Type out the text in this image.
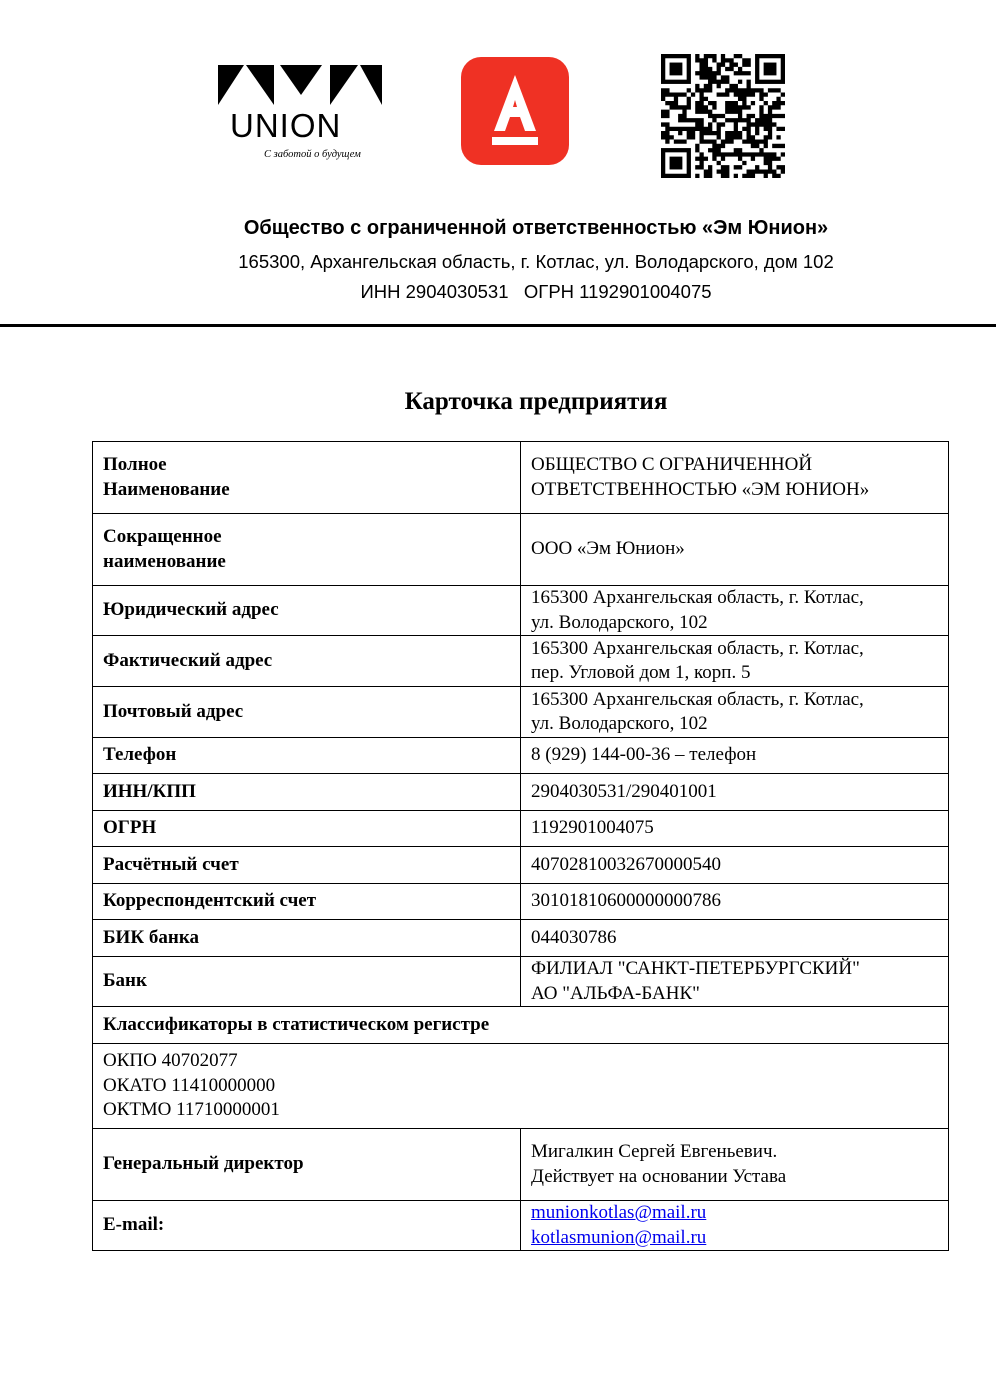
UNION
С заботой о будущем
Общество с ограниченной ответственностью «Эм Юнион»
165300, Архангельская область, г. Котлас, ул. Володарского, дом 102
ИНН 2904030531   ОГРН 1192901004075
Карточка предприятия
Полное
Наименование	ОБЩЕСТВО С ОГРАНИЧЕННОЙ
ОТВЕТСТВЕННОСТЬЮ «ЭМ ЮНИОН»

Сокращенное
наименование	ООО «Эм Юнион»
Юридический адрес	165300 Архангельская область, г. Котлас,
ул. Володарского, 102

Фактический адрес	165300 Архангельская область, г. Котлас,
пер. Угловой дом 1, корп. 5

Почтовый адрес	165300 Архангельская область, г. Котлас,
ул. Володарского, 102

Телефон	8 (929) 144-00-36 – телефон
ИНН/КПП	2904030531/290401001
ОГРН	1192901004075
Расчётный счет	40702810032670000540
Корреспондентский счет	30101810600000000786
БИК банка	044030786
Банк	ФИЛИАЛ "САНКТ-ПЕТЕРБУРГСКИЙ"
АО "АЛЬФА-БАНК"

Классификаторы в статистическом регистре	

ОКПО 40702077
ОКАТО 11410000000
ОКТМО 11710000001	

Генеральный директор	Мигалкин Сергей Евгеньевич.
Действует на основании Устава

E-mail:	munionkotlas@mail.ru
kotlasmunion@mail.ru
